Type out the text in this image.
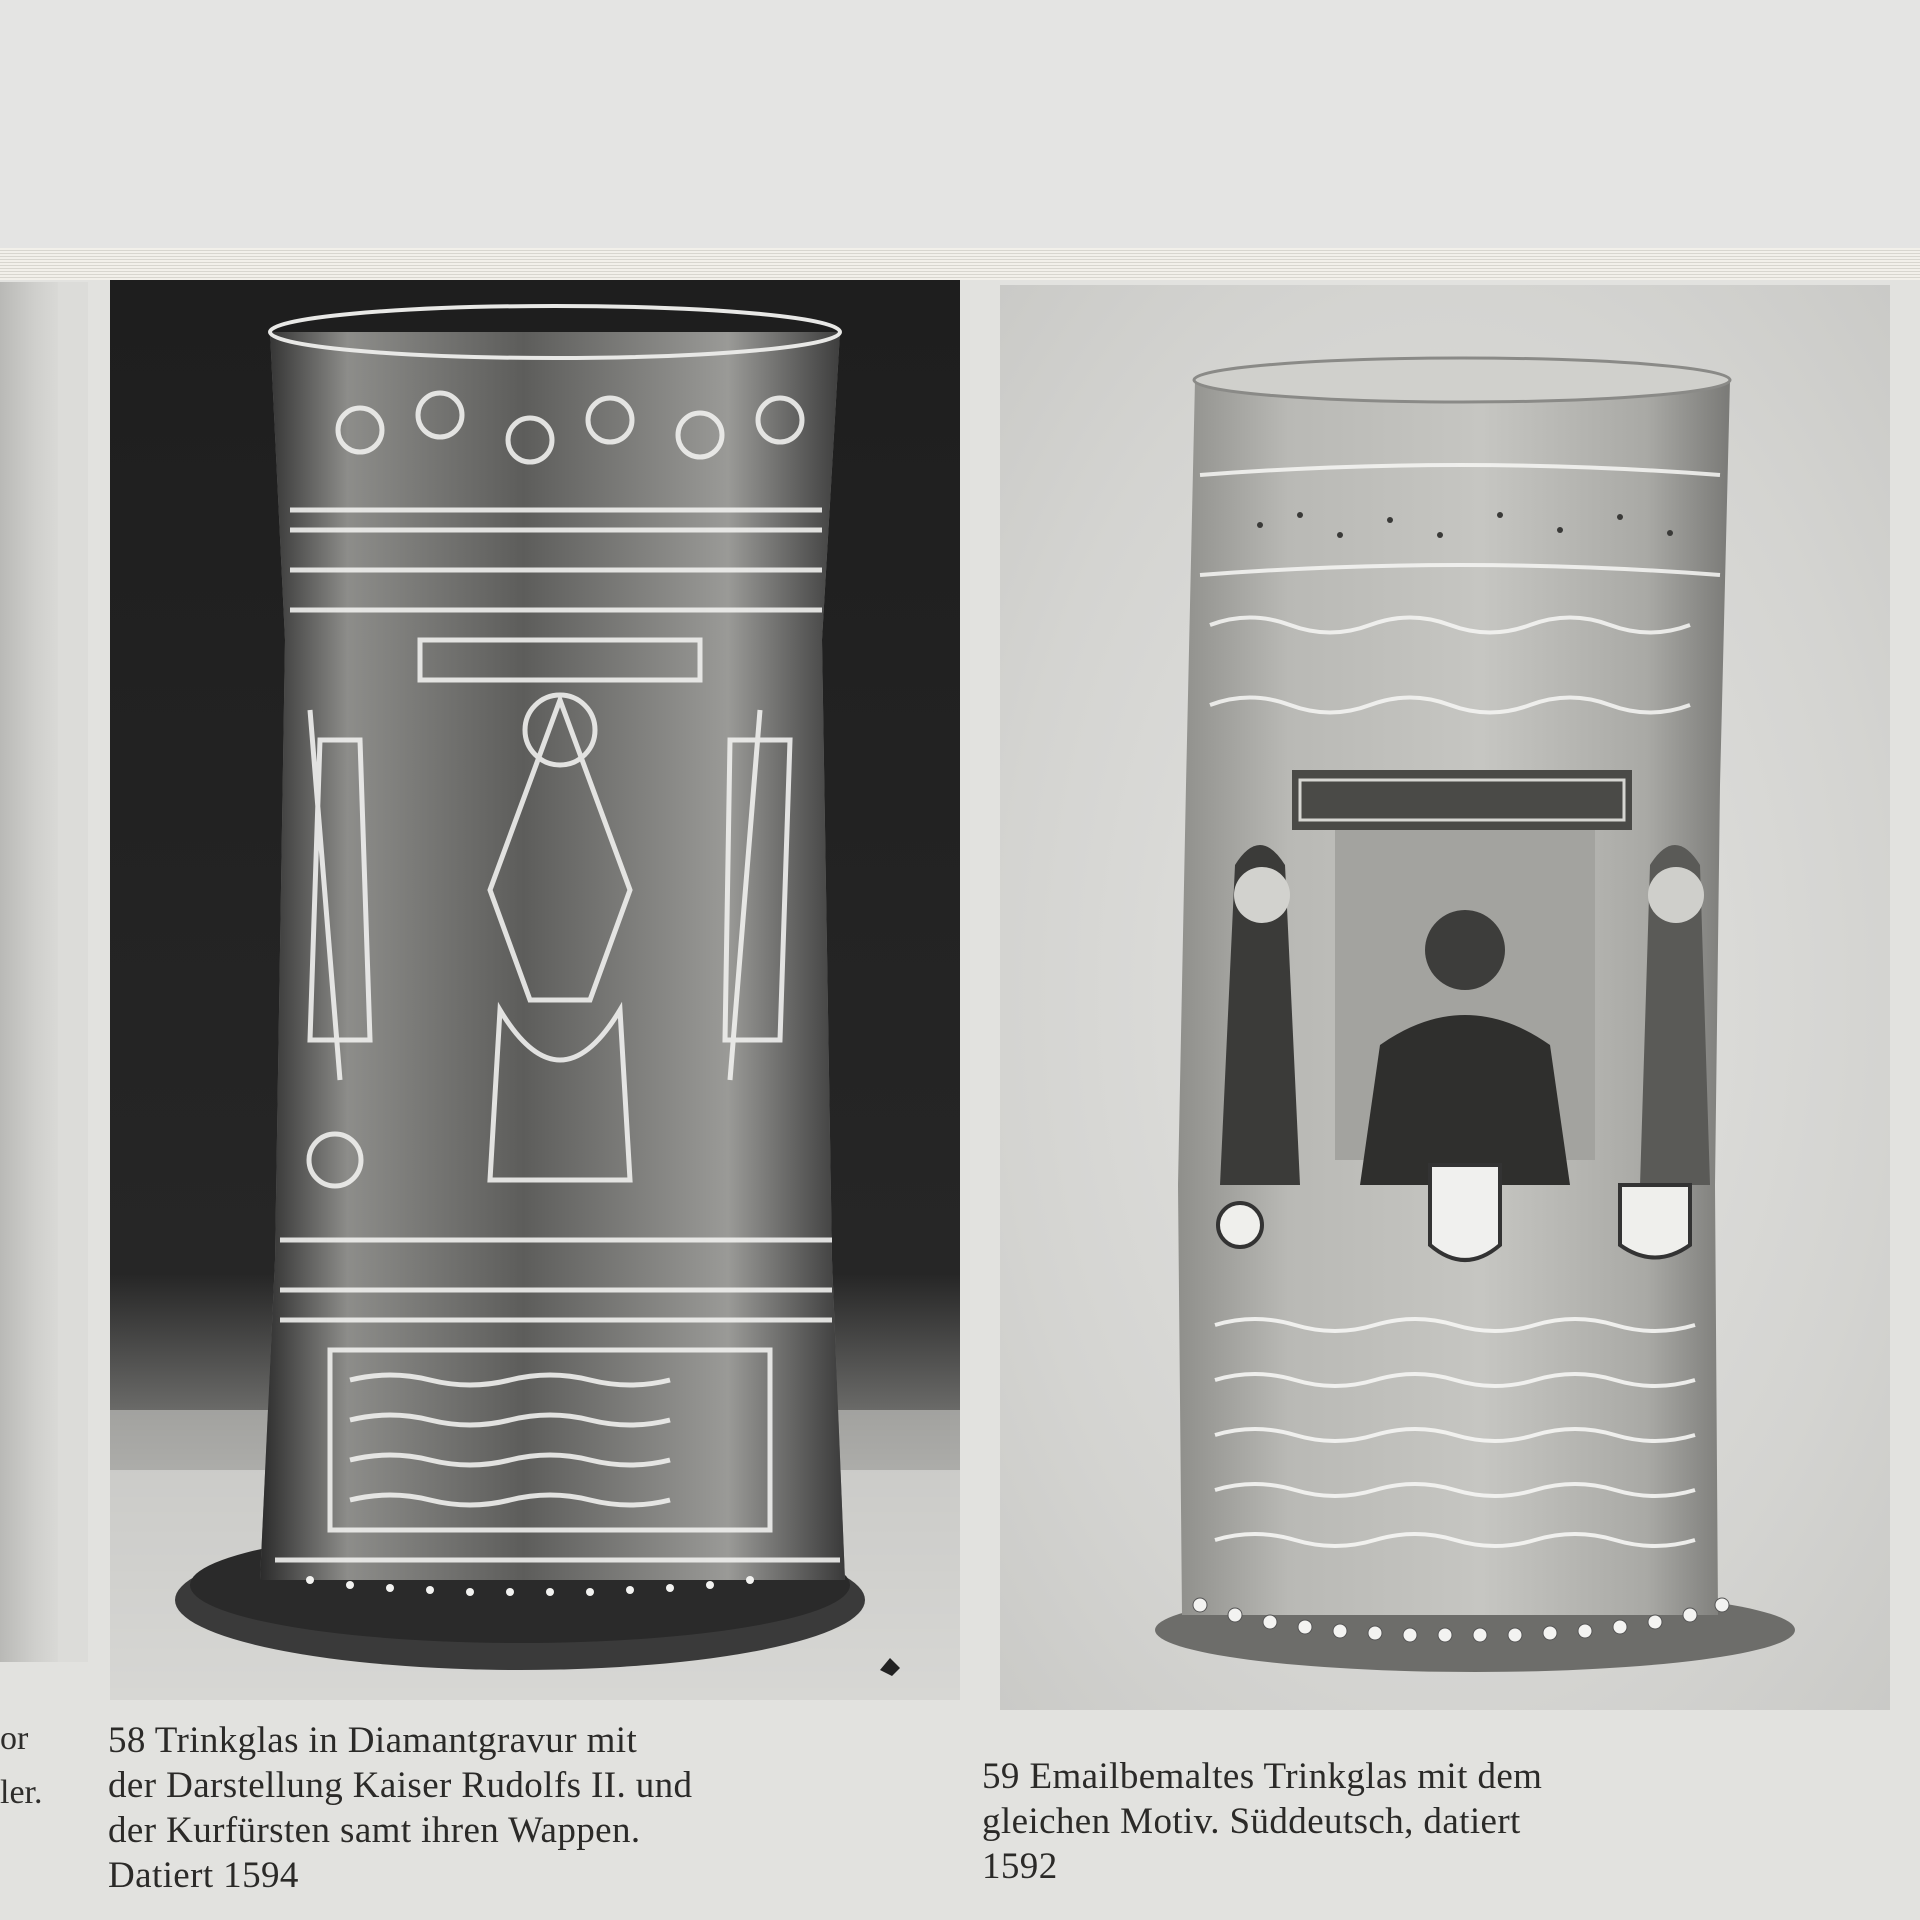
or
ler.
58 Trinkglas in Diamantgravur mit
der Darstellung Kaiser Rudolfs II. und
der Kurfürsten samt ihren Wappen.
Datiert 1594
59 Emailbemaltes Trinkglas mit dem
gleichen Motiv. Süddeutsch, datiert
1592
